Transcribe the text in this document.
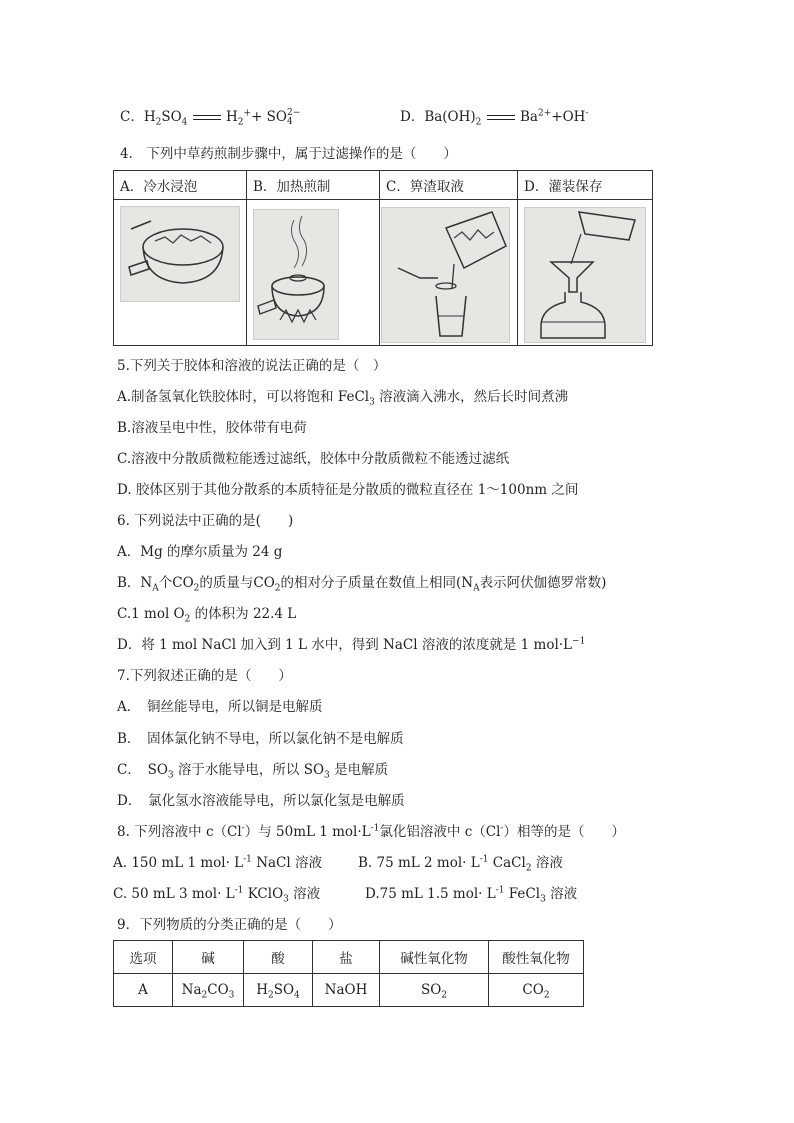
C．$H_2SO_4$	$H_2^++$ SO 2−
4	D．$Ba(OH)_2$	$Ba^{2+}+OH^-$
4． 下列中草药煎制步骤中，属于过滤操作的是（　　）
A．冷水浸泡	B．加热煎制	C．箅渣取液	D．灌装保存

5.下列关于胶体和溶液的说法正确的是（　）
A.制备氢氧化铁胶体时，可以将饱和 FeCl$_3$ 溶液滴入沸水，然后长时间煮沸
B.溶液呈电中性，胶体带有电荷
C.溶液中分散质微粒能透过滤纸，胶体中分散质微粒不能透过滤纸
D. 胶体区别于其他分散系的本质特征是分散质的微粒直径在 1～100nm 之间
6. 下列说法中正确的是(　　)
A．Mg 的摩尔质量为 24 g
B．$N_A$个$CO_2$的质量与$CO_2$的相对分子质量在数值上相同($N_A$表示阿伏伽德罗常数)
C.1 mol $O_2$ 的体积为 22.4 L
D．将 1 mol NaCl 加入到 1 L 水中，得到 NaCl 溶液的浓度就是 1 $mol\cdot L^{-1}$
7.下列叙述正确的是（　　）
A．　铜丝能导电，所以铜是电解质
B．　固体氯化钠不导电，所以氯化钠不是电解质
C．　$SO_3$ 溶于水能导电，所以 $SO_3$ 是电解质
D．　氯化氢水溶液能导电，所以氯化氢是电解质
8. 下列溶液中 c（Cl-）与 50mL 1 $mol\cdot L^{-1}$氯化铝溶液中 c（Cl-）相等的是（　　）
A. 150 mL 1 $mol\cdot L^{-1}$ NaCl 溶液	B. 75 mL 2 $mol\cdot L^{-1}$ CaCl$_2$ 溶液
C. 50 mL 3 $mol\cdot L^{-1}$ KClO$_3$ 溶液	D.75 mL 1.5 $mol\cdot L^{-1}$ FeCl$_3$ 溶液
9．下列物质的分类正确的是（　　）
选项	碱	酸	盐	碱性氧化物	酸性氧化物
A	$Na_2CO_3$	$H_2SO_4$	NaOH	$SO_2$	$CO_2$
